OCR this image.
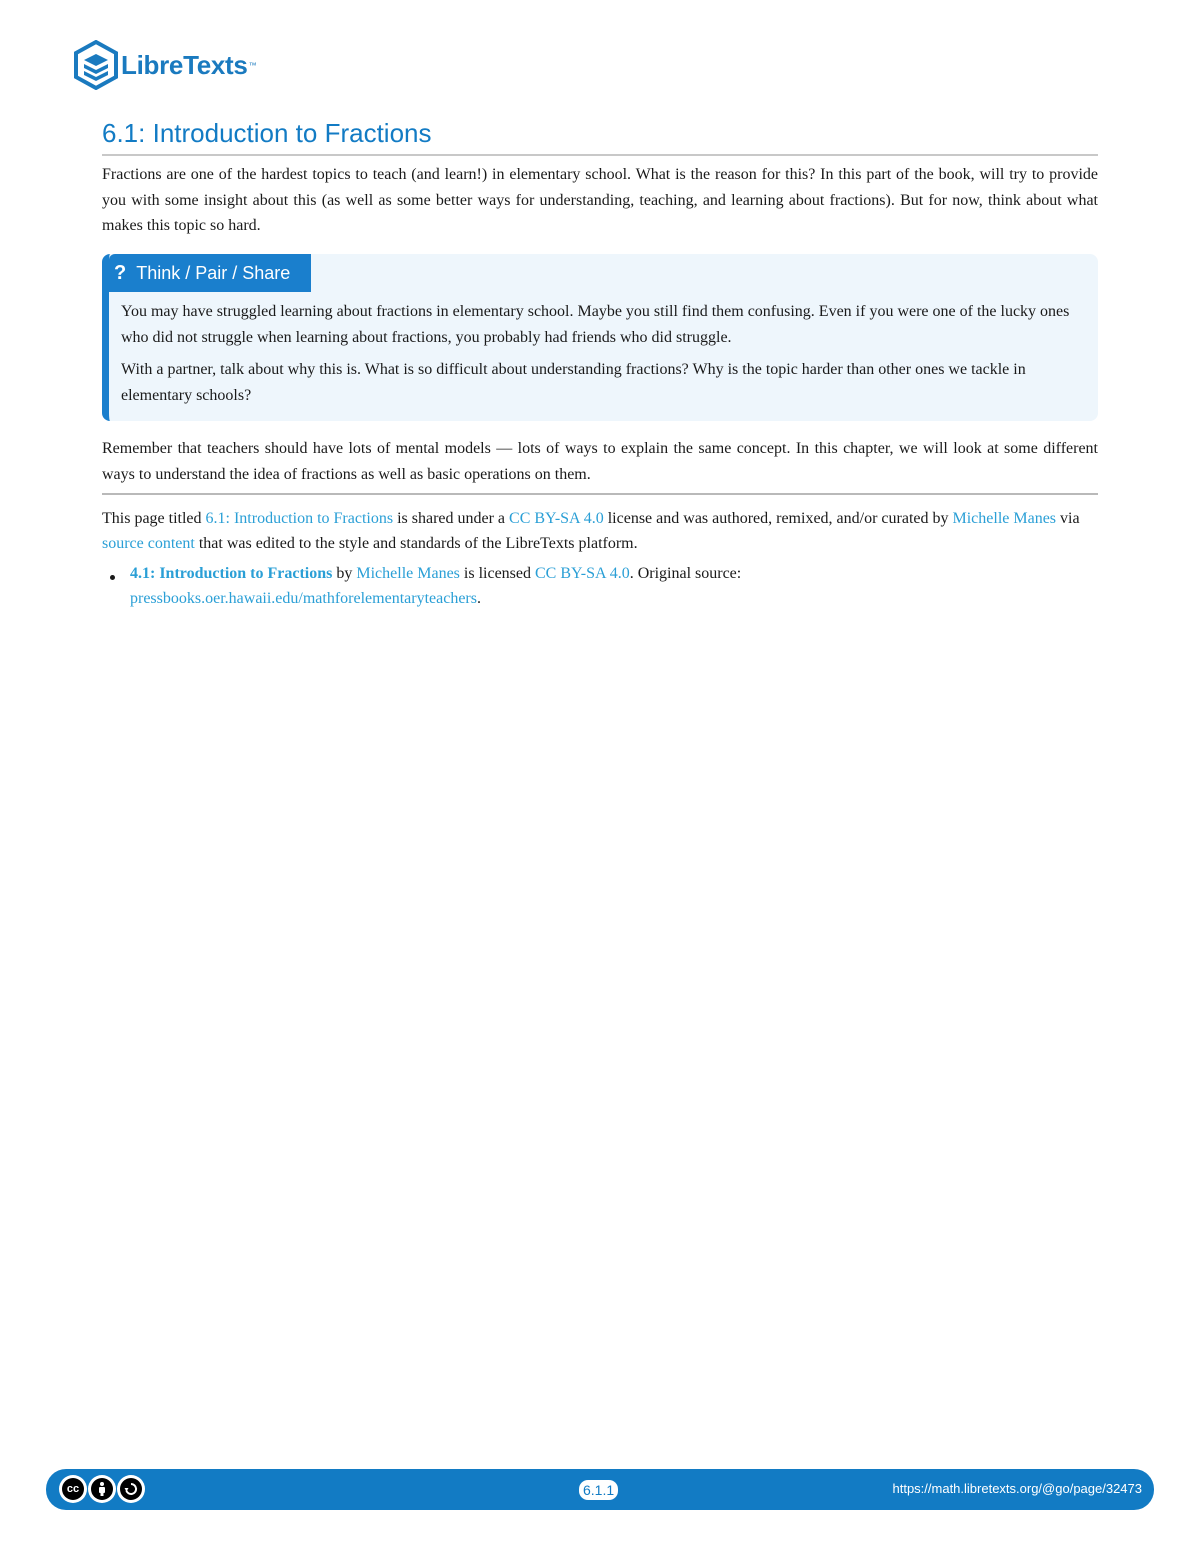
LibreTexts ™
6.1: Introduction to Fractions

Fractions are one of the hardest topics to teach (and learn!) in elementary school. What is the reason for this? In this part of the book, will try to provide you with some insight about this (as well as some better ways for understanding, teaching, and learning about fractions). But for now, think about what makes this topic so hard.

? Think / Pair / Share

You may have struggled learning about fractions in elementary school. Maybe you still find them confusing. Even if you were one of the lucky ones who did not struggle when learning about fractions, you probably had friends who did struggle.

With a partner, talk about why this is. What is so difficult about understanding fractions? Why is the topic harder than other ones we tackle in elementary schools?

Remember that teachers should have lots of mental models — lots of ways to explain the same concept. In this chapter, we will look at some different ways to understand the idea of fractions as well as basic operations on them.

This page titled 6.1: Introduction to Fractions is shared under a CC BY-SA 4.0 license and was authored, remixed, and/or curated by Michelle Manes via source content that was edited to the style and standards of the LibreTexts platform.

4.1: Introduction to Fractions by Michelle Manes is licensed CC BY-SA 4.0. Original source:
pressbooks.oer.hawaii.edu/mathforelementaryteachers.
cc	6.1.1	https://math.libretexts.org/@go/page/32473
